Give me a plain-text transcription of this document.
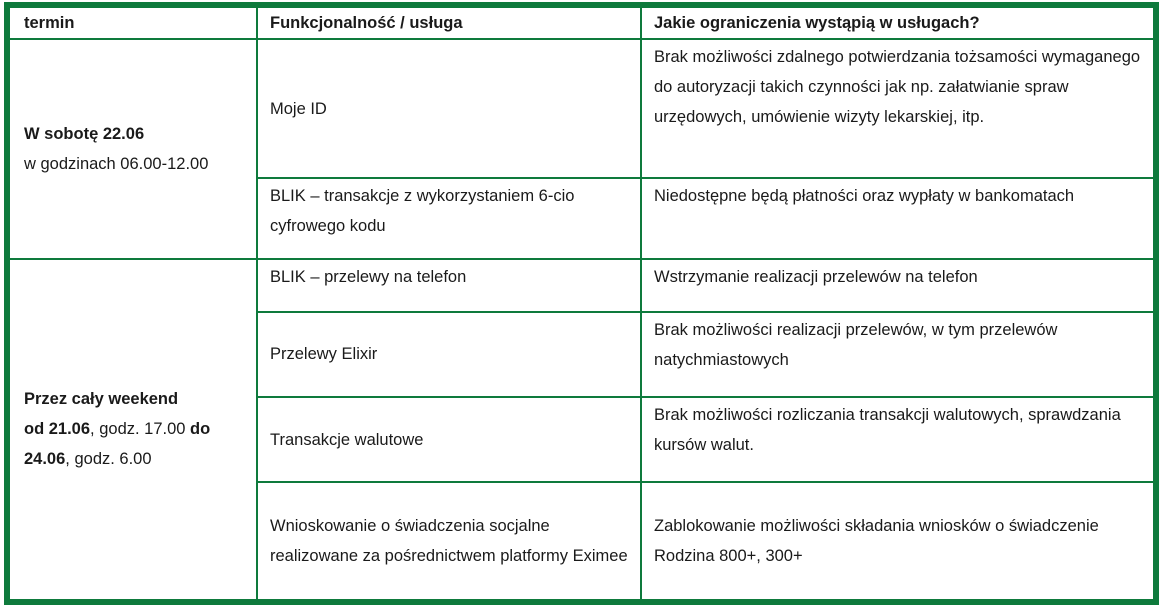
termin	Funkcjonalność / usługa	Jakie ograniczenia wystąpią w usługach?

W sobotę 22.06
w godzinach 06.00-12.00	Moje ID	Brak możliwości zdalnego potwierdzania tożsamości wymaganego do autoryzacji takich czynności jak np. załatwianie spraw urzędowych, umówienie wizyty lekarskiej, itp.
	BLIK – transakcje z wykorzystaniem 6-cio cyfrowego kodu	Niedostępne będą płatności oraz wypłaty w bankomatach

Przez cały weekend
od 21.06, godz. 17.00 do
24.06, godz. 6.00	BLIK – przelewy na telefon	Wstrzymanie realizacji przelewów na telefon
	Przelewy Elixir	Brak możliwości realizacji przelewów, w tym przelewów natychmiastowych
	Transakcje walutowe	Brak możliwości rozliczania transakcji walutowych, sprawdzania kursów walut.
	Wnioskowanie o świadczenia socjalne realizowane za pośrednictwem platformy Eximee	Zablokowanie możliwości składania wniosków o świadczenie Rodzina 800+, 300+
